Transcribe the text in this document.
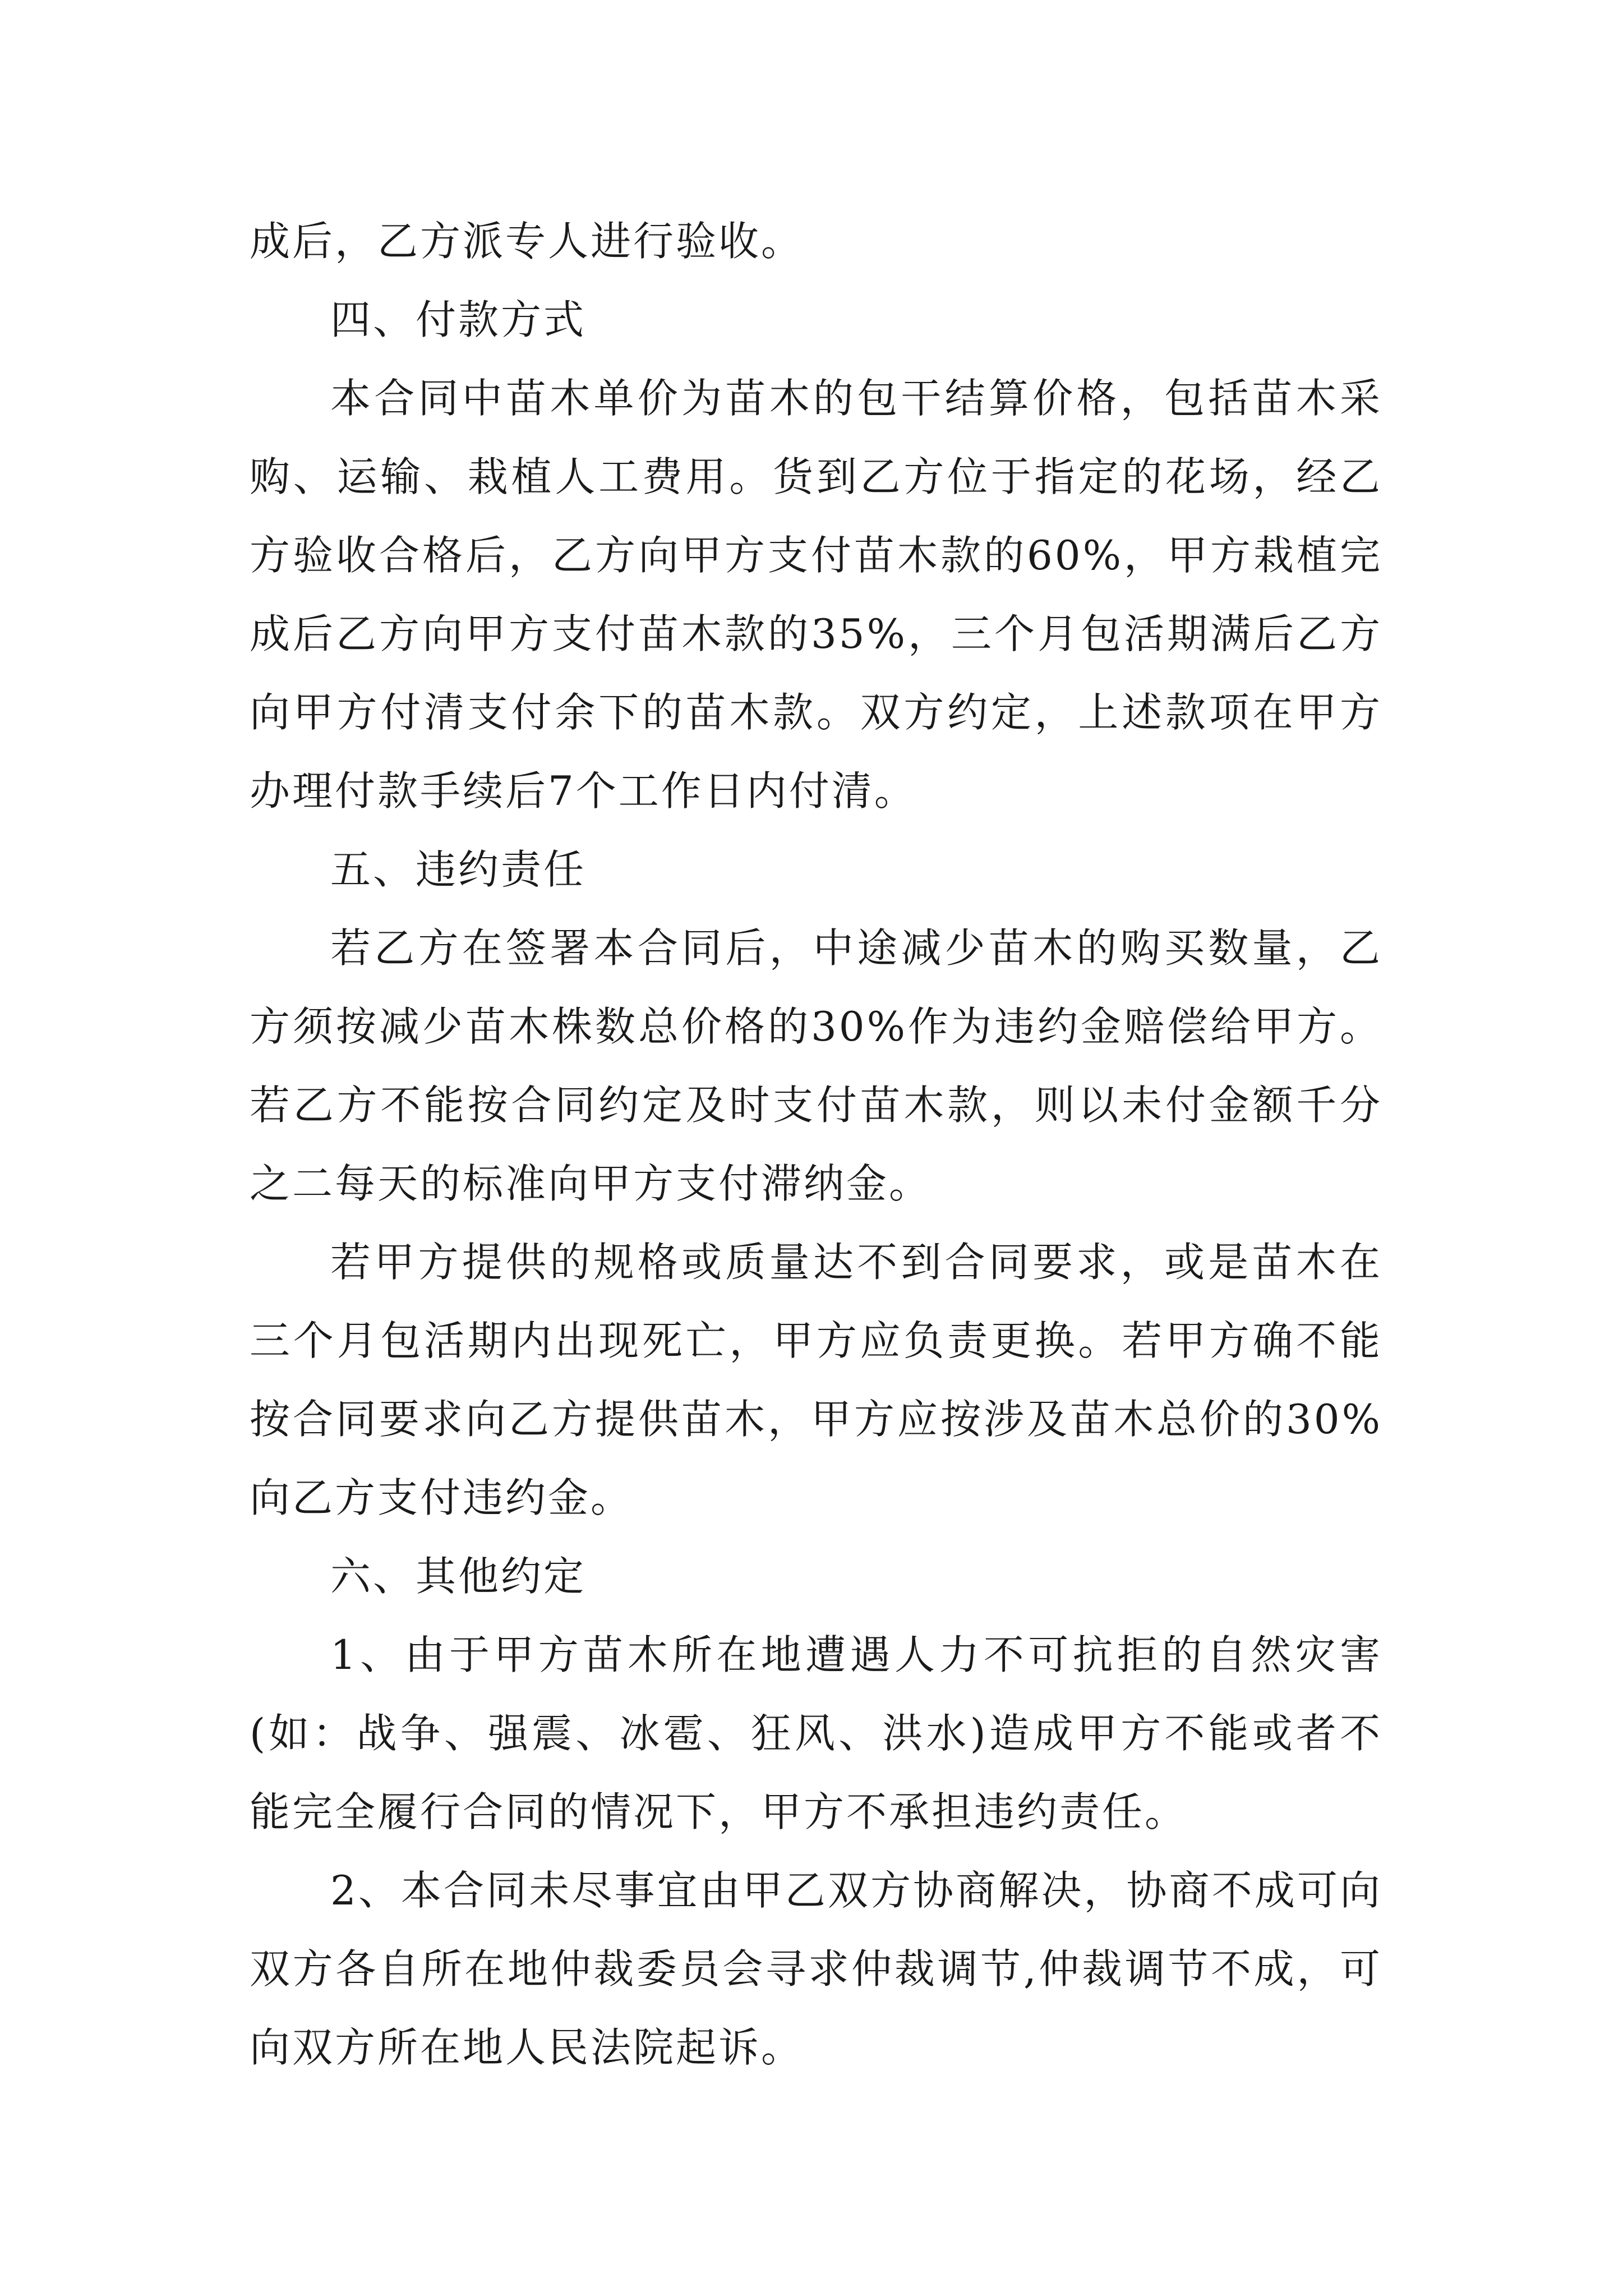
成后，乙方派专人进行验收。

四、付款方式

本合同中苗木单价为苗木的包干结算价格，包括苗木采购、运输、栽植人工费用。货到乙方位于指定的花场，经乙方验收合格后，乙方向甲方支付苗木款的60%，甲方栽植完成后乙方向甲方支付苗木款的35%，三个月包活期满后乙方向甲方付清支付余下的苗木款。双方约定，上述款项在甲方办理付款手续后7个工作日内付清。

五、违约责任

若乙方在签署本合同后，中途减少苗木的购买数量，乙方须按减少苗木株数总价格的30%作为违约金赔偿给甲方。若乙方不能按合同约定及时支付苗木款，则以未付金额千分之二每天的标准向甲方支付滞纳金。

若甲方提供的规格或质量达不到合同要求，或是苗木在三个月包活期内出现死亡，甲方应负责更换。若甲方确不能按合同要求向乙方提供苗木，甲方应按涉及苗木总价的30%向乙方支付违约金。

六、其他约定

1、由于甲方苗木所在地遭遇人力不可抗拒的自然灾害(如：战争、强震、冰雹、狂风、洪水)造成甲方不能或者不能完全履行合同的情况下，甲方不承担违约责任。

2、本合同未尽事宜由甲乙双方协商解决，协商不成可向双方各自所在地仲裁委员会寻求仲裁调节,仲裁调节不成，可向双方所在地人民法院起诉。
